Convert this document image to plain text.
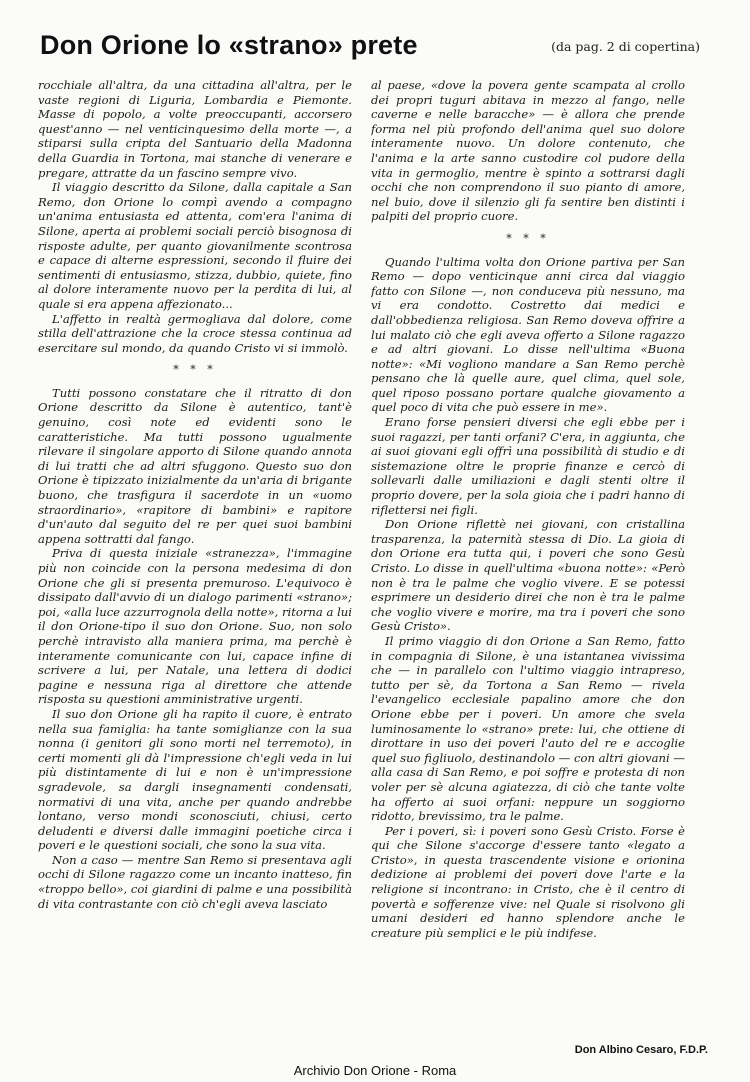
Don Orione lo «strano» prete	(da pag. 2 di copertina)

rocchiale all'altra, da una cittadina all'altra, per le vaste regioni di Liguria, Lombardia e Piemonte. Masse di popolo, a volte preoccupanti, accorsero quest'anno — nel venticinquesimo della morte —, a stiparsi sulla cripta del Santuario della Madonna della Guardia in Tortona, mai stanche di venerare e pregare, attratte da un fascino sempre vivo.

Il viaggio descritto da Silone, dalla capitale a San Remo, don Orione lo compì avendo a compagno un'anima entusiasta ed attenta, com'era l'anima di Silone, aperta ai problemi sociali perciò bisognosa di risposte adulte, per quanto giovanilmente scontrosa e capace di alterne espressioni, secondo il fluire dei sentimenti di entusiasmo, stizza, dubbio, quiete, fino al dolore interamente nuovo per la perdita di lui, al quale si era appena affezionato...

L'affetto in realtà germogliava dal dolore, come stilla dell'attrazione che la croce stessa continua ad esercitare sul mondo, da quando Cristo vi si immolò.

* * *

Tutti possono constatare che il ritratto di don Orione descritto da Silone è autentico, tant'è genuino, così note ed evidenti sono le caratteristiche. Ma tutti possono ugualmente rilevare il singolare apporto di Silone quando annota di lui tratti che ad altri sfuggono. Questo suo don Orione è tipizzato inizialmente da un'aria di brigante buono, che trasfigura il sacerdote in un «uomo straordinario», «rapitore di bambini» e rapitore d'un'auto dal seguito del re per quei suoi bambini appena sottratti dal fango.

Priva di questa iniziale «stranezza», l'immagine più non coincide con la persona medesima di don Orione che gli si presenta premuroso. L'equivoco è dissipato dall'avvio di un dialogo parimenti «strano»; poi, «alla luce azzurrognola della notte», ritorna a lui il don Orione-tipo il suo don Orione. Suo, non solo perchè intravisto alla maniera prima, ma perchè è interamente comunicante con lui, capace infine di scrivere a lui, per Natale, una lettera di dodici pagine e nessuna riga al direttore che attende risposta su questioni amministrative urgenti.

Il suo don Orione gli ha rapito il cuore, è entrato nella sua famiglia: ha tante somiglianze con la sua nonna (i genitori gli sono morti nel terremoto), in certi momenti gli dà l'impressione ch'egli veda in lui più distintamente di lui e non è un'impressione sgradevole, sa dargli insegnamenti condensati, normativi di una vita, anche per quando andrebbe lontano, verso mondi sconosciuti, chiusi, certo deludenti e diversi dalle immagini poetiche circa i poveri e le questioni sociali, che sono la sua vita.

Non a caso — mentre San Remo si presentava agli occhi di Silone ragazzo come un incanto inatteso, fin «troppo bello», coi giardini di palme e una possibilità di vita contrastante con ciò ch'egli aveva lasciato

al paese, «dove la povera gente scampata al crollo dei propri tuguri abitava in mezzo al fango, nelle caverne e nelle baracche» — è allora che prende forma nel più profondo dell'anima quel suo dolore interamente nuovo. Un dolore contenuto, che l'anima e la arte sanno custodire col pudore della vita in germoglio, mentre è spinto a sottrarsi dagli occhi che non comprendono il suo pianto di amore, nel buio, dove il silenzio gli fa sentire ben distinti i palpiti del proprio cuore.

* * *

Quando l'ultima volta don Orione partiva per San Remo — dopo venticinque anni circa dal viaggio fatto con Silone —, non conduceva più nessuno, ma vi era condotto. Costretto dai medici e dall'obbedienza religiosa. San Remo doveva offrire a lui malato ciò che egli aveva offerto a Silone ragazzo e ad altri giovani. Lo disse nell'ultima «Buona notte»: «Mi vogliono mandare a San Remo perchè pensano che là quelle aure, quel clima, quel sole, quel riposo possano portare qualche giovamento a quel poco di vita che può essere in me».

Erano forse pensieri diversi che egli ebbe per i suoi ragazzi, per tanti orfani? C'era, in aggiunta, che ai suoi giovani egli offrì una possibilità di studio e di sistemazione oltre le proprie finanze e cercò di sollevarli dalle umiliazioni e dagli stenti oltre il proprio dovere, per la sola gioia che i padri hanno di riflettersi nei figli.

Don Orione riflettè nei giovani, con cristallina trasparenza, la paternità stessa di Dio. La gioia di don Orione era tutta qui, i poveri che sono Gesù Cristo. Lo disse in quell'ultima «buona notte»: «Però non è tra le palme che voglio vivere. E se potessi esprimere un desiderio direi che non è tra le palme che voglio vivere e morire, ma tra i poveri che sono Gesù Cristo».

Il primo viaggio di don Orione a San Remo, fatto in compagnia di Silone, è una istantanea vivissima che — in parallelo con l'ultimo viaggio intrapreso, tutto per sè, da Tortona a San Remo — rivela l'evangelico ecclesiale papalino amore che don Orione ebbe per i poveri. Un amore che svela luminosamente lo «strano» prete: lui, che ottiene di dirottare in uso dei poveri l'auto del re e accoglie quel suo figliuolo, destinandolo — con altri giovani — alla casa di San Remo, e poi soffre e protesta di non voler per sè alcuna agiatezza, di ciò che tante volte ha offerto ai suoi orfani: neppure un soggiorno ridotto, brevissimo, tra le palme.

Per i poveri, sì: i poveri sono Gesù Cristo. Forse è qui che Silone s'accorge d'essere tanto «legato a Cristo», in questa trascendente visione e orionina dedizione ai problemi dei poveri dove l'arte e la religione si incontrano: in Cristo, che è il centro di povertà e sofferenze vive: nel Quale si risolvono gli umani desideri ed hanno splendore anche le creature più semplici e le più indifese.

Don Albino Cesaro, F.D.P.
Archivio Don Orione - Roma
